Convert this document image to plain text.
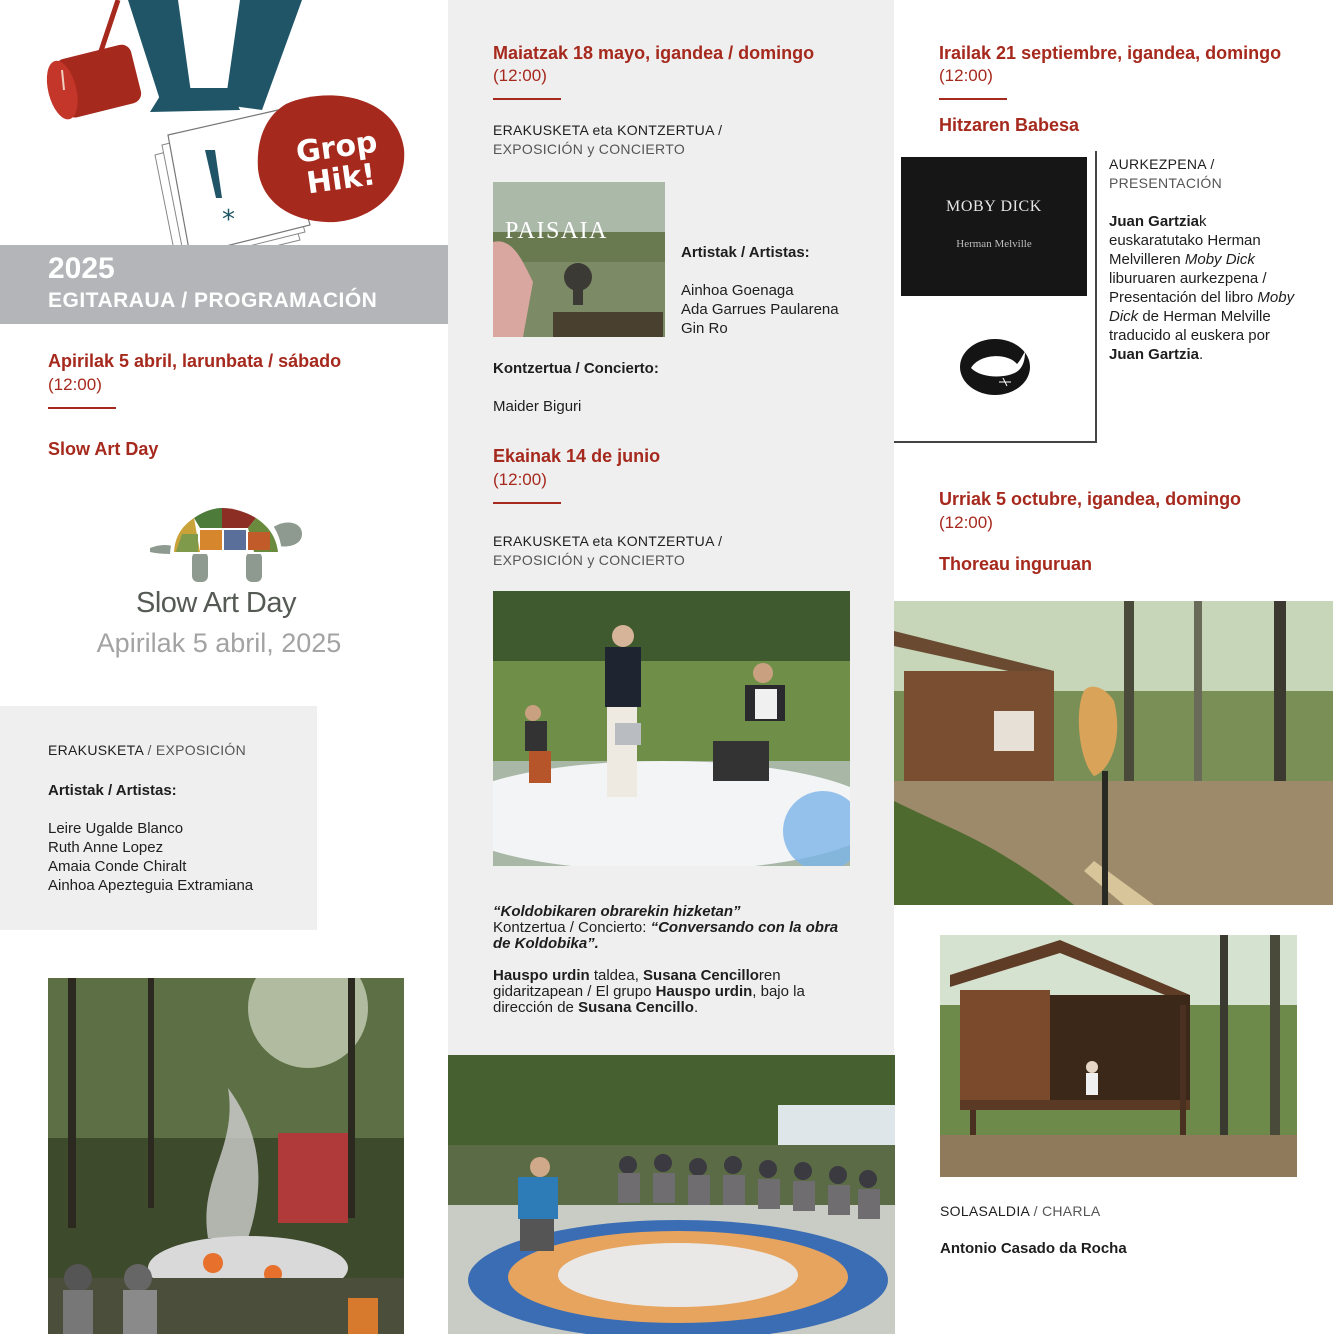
*
Grop Hik!
2025
EGITARAUA / PROGRAMACIÓN
Apirilak 5 abril, larunbata / sábado
(12:00)
Slow Art Day
Slow Art Day
Apirilak 5 abril, 2025
ERAKUSKETA / EXPOSICIÓN
Artistak / Artistas:
Leire Ugalde Blanco
Ruth Anne Lopez
Amaia Conde Chiralt
Ainhoa Apezteguia Extramiana
Maiatzak 18 mayo, igandea / domingo
(12:00)
ERAKUSKETA eta KONTZERTUA /
EXPOSICIÓN y CONCIERTO
PAISAIA
Artistak / Artistas:
Ainhoa Goenaga
Ada Garrues Paularena
Gin Ro
Kontzertua / Concierto:
Maider Biguri
Ekainak 14 de junio
(12:00)
ERAKUSKETA eta KONTZERTUA /
EXPOSICIÓN y CONCIERTO
“Koldobikaren obrarekin hizketan”
Kontzertua / Concierto: “Conversando con la obra de Koldobika”.
Hauspo urdin taldea, Susana Cencilloren gidaritzapean / El grupo Hauspo urdin, bajo la dirección de Susana Cencillo.
Irailak 21 septiembre, igandea, domingo
(12:00)
Hitzaren Babesa
MOBY DICK
Herman Melville
AURKEZPENA /
PRESENTACIÓN
Juan Gartziak euskaratutako Herman Melvilleren Moby Dick liburuaren aurkezpena / Presentación del libro Moby Dick de Herman Melville traducido al euskera por Juan Gartzia.
Urriak 5 octubre, igandea, domingo
(12:00)
Thoreau inguruan
SOLASALDIA / CHARLA
Antonio Casado da Rocha
